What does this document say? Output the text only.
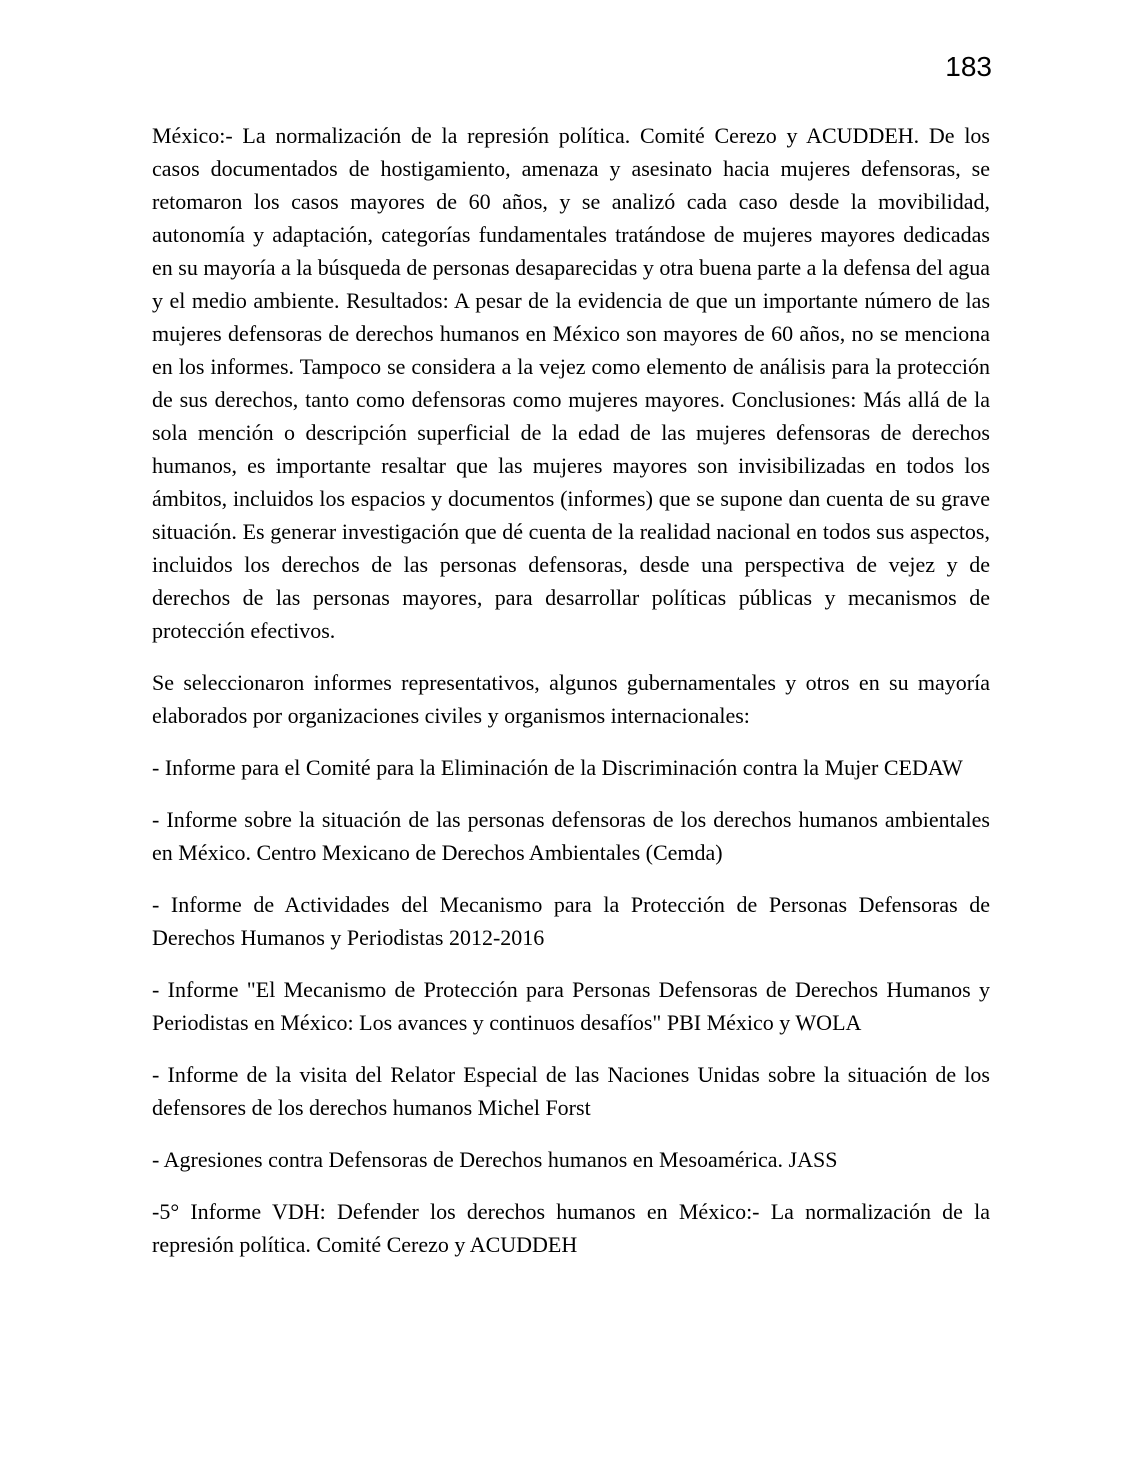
183

México:- La normalización de la represión política. Comité Cerezo y ACUDDEH. De los casos documentados de hostigamiento, amenaza y asesinato hacia mujeres defensoras, se retomaron los casos mayores de 60 años, y se analizó cada caso desde la movibilidad, autonomía y adaptación, categorías fundamentales tratándose de mujeres mayores dedicadas en su mayoría a la búsqueda de personas desaparecidas y otra buena parte a la defensa del agua y el medio ambiente. Resultados: A pesar de la evidencia de que un importante número de las mujeres defensoras de derechos humanos en México son mayores de 60 años, no se menciona en los informes. Tampoco se considera a la vejez como elemento de análisis para la protección de sus derechos, tanto como defensoras como mujeres mayores. Conclusiones: Más allá de la sola mención o descripción superficial de la edad de las mujeres defensoras de derechos humanos, es importante resaltar que las mujeres mayores son invisibilizadas en todos los ámbitos, incluidos los espacios y documentos (informes) que se supone dan cuenta de su grave situación. Es generar investigación que dé cuenta de la realidad nacional en todos sus aspectos, incluidos los derechos de las personas defensoras, desde una perspectiva de vejez y de derechos de las personas mayores, para desarrollar políticas públicas y mecanismos de protección efectivos.

Se seleccionaron informes representativos, algunos gubernamentales y otros en su mayoría elaborados por organizaciones civiles y organismos internacionales:

- Informe para el Comité para la Eliminación de la Discriminación contra la Mujer CEDAW

- Informe sobre la situación de las personas defensoras de los derechos humanos ambientales en México. Centro Mexicano de Derechos Ambientales (Cemda)

- Informe de Actividades del Mecanismo para la Protección de Personas Defensoras de Derechos Humanos y Periodistas 2012-2016

- Informe "El Mecanismo de Protección para Personas Defensoras de Derechos Humanos y Periodistas en México: Los avances y continuos desafíos" PBI México y WOLA

- Informe de la visita del Relator Especial de las Naciones Unidas sobre la situación de los defensores de los derechos humanos Michel Forst

- Agresiones contra Defensoras de Derechos humanos en Mesoamérica. JASS

-5° Informe VDH: Defender los derechos humanos en México:- La normalización de la represión política. Comité Cerezo y ACUDDEH
